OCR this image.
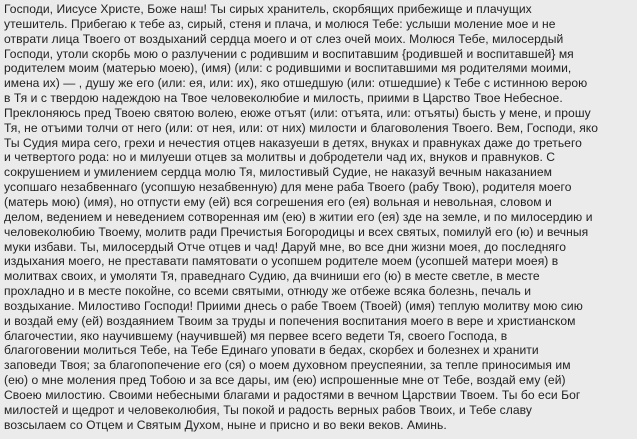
Господи, Иисусе Христе, Боже наш! Ты сирых хранитель, скорбящих прибежище и плачущих
утешитель. Прибегаю к тебе аз, сирый, стеня и плача, и молюся Тебе: услыши моление мое и не
отврати лица Твоего от воздыханий сердца моего и от слез очей моих. Молюся Тебе, милосердый
Господи, утоли скорбь мою о разлучении с родившим и воспитавшим {родившей и воспитавшей} мя
родителем моим (матерью моею), (имя) (или: с родившими и воспитавшими мя родителями моими,
имена их) — , душу же его (или: ея, или: их), яко отшедшую (или: отшедшие) к Тебе с истинною верою
в Тя и с твердою надеждою на Твое человеколюбие и милость, приими в Царство Твое Небесное.
Преклоняюсь пред Твоею святою волею, еюже отъят (или: отъята, или: отъяты) бысть у мене, и прошу
Тя, не отъими толчи от него (или: от нея, или: от них) милости и благоволения Твоего. Вем, Господи, яко
Ты Судия мира сего, грехи и нечестия отцев наказуеши в детях, внуках и правнуках даже до третьего
и четвертого рода: но и милуеши отцев за молитвы и добродетели чад их, внуков и правнуков. С
сокрушением и умилением сердца молю Тя, милостивый Судие, не наказуй вечным наказанием
усопшаго незабвеннаго (усопшую незабвенную) для мене раба Твоего (рабу Твою), родителя моего
(матерь мою) (имя), но отпусти ему (ей) вся согрешения его (ея) вольная и невольная, словом и
делом, ведением и неведением сотворенная им (ею) в житии его (ея) зде на земле, и по милосердию и
человеколюбию Твоему, молитв ради Пречистыя Богородицы и всех святых, помилуй его (ю) и вечныя
муки избави. Ты, милосердый Отче отцев и чад! Даруй мне, во все дни жизни моея, до последняго
издыхания моего, не преставати памятовати о усопшем родителе моем (усопшей матери моея) в
молитвах своих, и умоляти Тя, праведнаго Судию, да вчиниши его (ю) в месте светле, в месте
прохладно и в месте покойне, со всеми святыми, отнюду же отбеже всяка болезнь, печаль и
воздыхание. Милостиво Господи! Приими днесь о рабе Твоем (Твоей) (имя) теплую молитву мою сию
и воздай ему (ей) воздаянием Твоим за труды и попечения воспитания моего в вере и христианском
благочестии, яко научившему (научившей) мя первее всего ведети Тя, своего Господа, в
благоговении молиться Тебе, на Тебе Единаго уповати в бедах, скорбех и болезнех и хранити
заповеди Твоя; за благопопечение его (ся) о моем духовном преуспеянии, за тепле приносимыя им
(ею) о мне моления пред Тобою и за все дары, им (ею) испрошенные мне от Тебе, воздай ему (ей)
Своею милостию. Своими небесными благами и радостями в вечном Царствии Твоем. Ты бо еси Бог
милостей и щедрот и человеколюбия, Ты покой и радость верных рабов Твоих, и Тебе славу
возсылаем со Отцем и Святым Духом, ныне и присно и во веки веков. Аминь.
